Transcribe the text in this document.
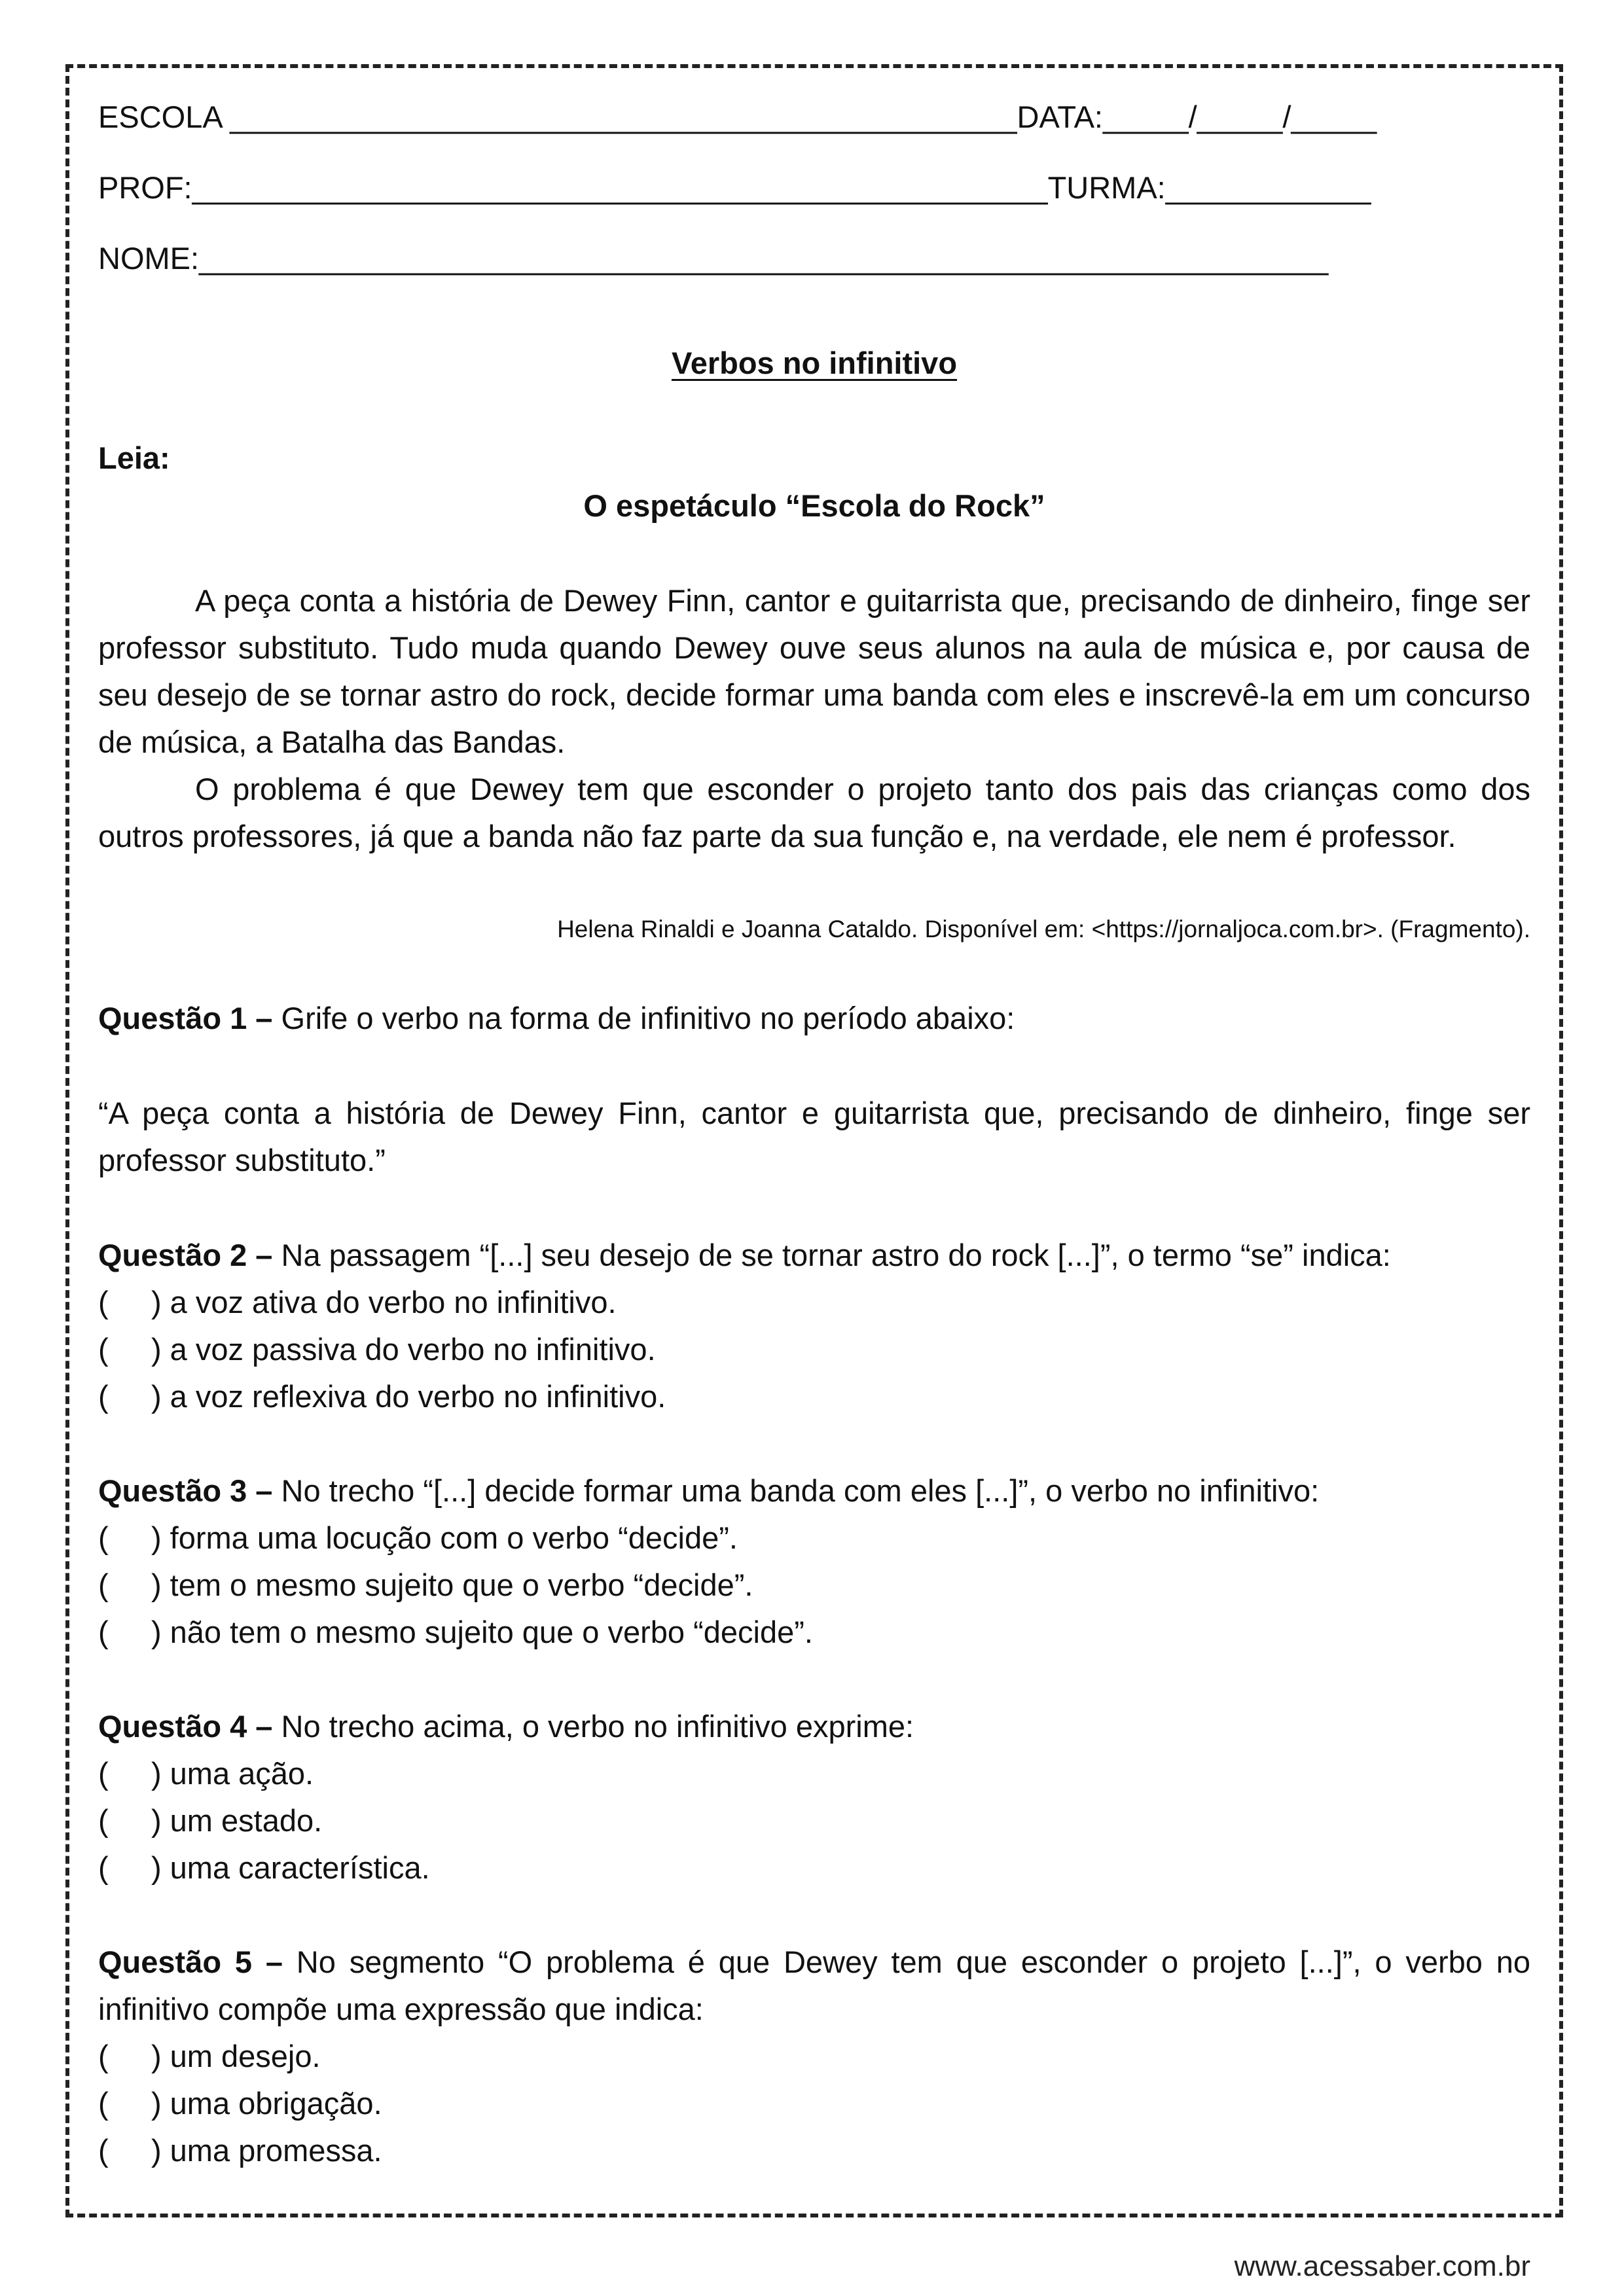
ESCOLA ______________________________________________DATA:_____/_____/_____
PROF:__________________________________________________TURMA:____________
NOME:__________________________________________________________________
Verbos no infinitivo
Leia:
O espetáculo “Escola do Rock”
A peça conta a história de Dewey Finn, cantor e guitarrista que, precisando de dinheiro, finge ser professor substituto. Tudo muda quando Dewey ouve seus alunos na aula de música e, por causa de seu desejo de se tornar astro do rock, decide formar uma banda com eles e inscrevê-la em um concurso de música, a Batalha das Bandas.
O problema é que Dewey tem que esconder o projeto tanto dos pais das crianças como dos outros professores, já que a banda não faz parte da sua função e, na verdade, ele nem é professor.
Helena Rinaldi e Joanna Cataldo. Disponível em: <https://jornaljoca.com.br>. (Fragmento).
Questão 1 – Grife o verbo na forma de infinitivo no período abaixo:
“A peça conta a história de Dewey Finn, cantor e guitarrista que, precisando de dinheiro, finge ser professor substituto.”
Questão 2 – Na passagem “[...] seu desejo de se tornar astro do rock [...]”, o termo “se” indica:
(     ) a voz ativa do verbo no infinitivo.
(     ) a voz passiva do verbo no infinitivo.
(     ) a voz reflexiva do verbo no infinitivo.
Questão 3 – No trecho “[...] decide formar uma banda com eles [...]”, o verbo no infinitivo:
(     ) forma uma locução com o verbo “decide”.
(     ) tem o mesmo sujeito que o verbo “decide”.
(     ) não tem o mesmo sujeito que o verbo “decide”.
Questão 4 – No trecho acima, o verbo no infinitivo exprime:
(     ) uma ação.
(     ) um estado.
(     ) uma característica.
Questão 5 – No segmento “O problema é que Dewey tem que esconder o projeto [...]”, o verbo no infinitivo compõe uma expressão que indica:
(     ) um desejo.
(     ) uma obrigação.
(     ) uma promessa.
www.acessaber.com.br
